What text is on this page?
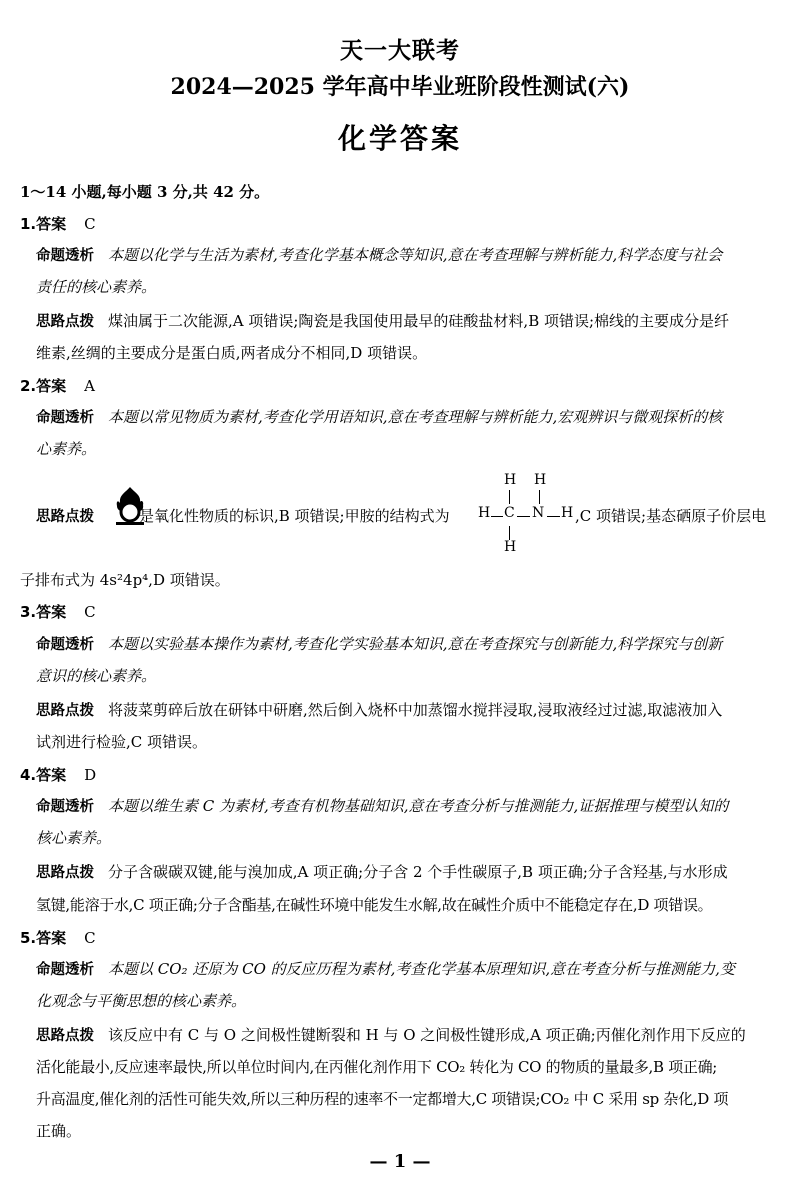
天一大联考
2024—2025 学年高中毕业班阶段性测试(六)
化学答案
1～14 小题,每小题 3 分,共 42 分。
1.答案 C
命题透析 本题以化学与生活为素材,考查化学基本概念等知识,意在考查理解与辨析能力,科学态度与社会
责任的核心素养。
思路点拨 煤油属于二次能源,A 项错误;陶瓷是我国使用最早的硅酸盐材料,B 项错误;棉线的主要成分是纤
维素,丝绸的主要成分是蛋白质,两者成分不相同,D 项错误。
2.答案 A
命题透析 本题以常见物质为素材,考查化学用语知识,意在考查理解与辨析能力,宏观辨识与微观探析的核
心素养。
思路点拨	是氧化性物质的标识,B 项错误;甲胺的结构式为
H H
H C N H
H
,C 项错误;基态硒原子价层电
子排布式为 4s²4p⁴,D 项错误。
3.答案 C
命题透析 本题以实验基本操作为素材,考查化学实验基本知识,意在考查探究与创新能力,科学探究与创新
意识的核心素养。
思路点拨 将菠菜剪碎后放在研钵中研磨,然后倒入烧杯中加蒸馏水搅拌浸取,浸取液经过过滤,取滤液加入
试剂进行检验,C 项错误。
4.答案 D
命题透析 本题以维生素 C 为素材,考查有机物基础知识,意在考查分析与推测能力,证据推理与模型认知的
核心素养。
思路点拨 分子含碳碳双键,能与溴加成,A 项正确;分子含 2 个手性碳原子,B 项正确;分子含羟基,与水形成
氢键,能溶于水,C 项正确;分子含酯基,在碱性环境中能发生水解,故在碱性介质中不能稳定存在,D 项错误。
5.答案 C
命题透析 本题以 CO₂ 还原为 CO 的反应历程为素材,考查化学基本原理知识,意在考查分析与推测能力,变
化观念与平衡思想的核心素养。
思路点拨 该反应中有 C 与 O 之间极性键断裂和 H 与 O 之间极性键形成,A 项正确;丙催化剂作用下反应的
活化能最小,反应速率最快,所以单位时间内,在丙催化剂作用下 CO₂ 转化为 CO 的物质的量最多,B 项正确;
升高温度,催化剂的活性可能失效,所以三种历程的速率不一定都增大,C 项错误;CO₂ 中 C 采用 sp 杂化,D 项
正确。
— 1 —
